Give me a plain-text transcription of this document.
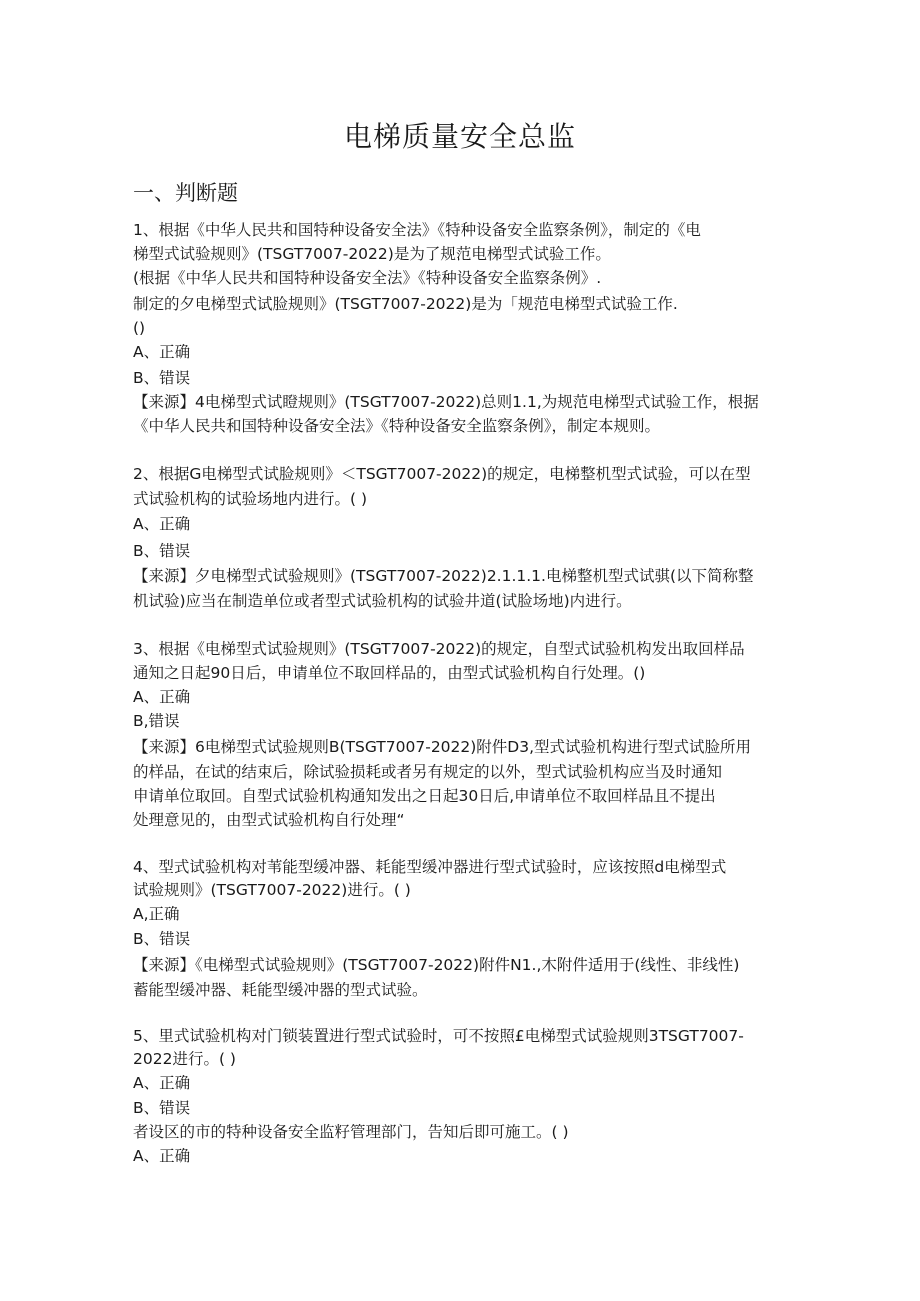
电梯质量安全总监
一、判断题
1、根据《中华人民共和国特种设备安全法》《特种设备安全监察条例》，制定的《电
梯型式试验规则》(TSGT7007-2022)是为了规范电梯型式试验工作。
(根据《中华人民共和国特种设备安全法》《特种设备安全监察条例》.
制定的夕电梯型式试脸规则》(TSGT7007-2022)是为「规范电梯型式试验工作.
()
A、正确
B、错误
【来源】4电梯型式试瞪规则》(TSGT7007-2022)总则1.1,为规范电梯型式试验工作，根据
《中华人民共和国特种设备安全法》《特种设备安全监察条例》，制定本规则。
2、根据G电梯型式试脸规则》＜TSGT7007-2022)的规定，电梯整机型式试验，可以在型
式试验机构的试验场地内进行。( )
A、正确
B、错误
【来源】夕电梯型式试验规则》(TSGT7007-2022)2.1.1.1.电梯整机型式试骐(以下简称整
机试验)应当在制造单位或者型式试验机构的试验井道(试脸场地)内进行。
3、根据《电梯型式试验规则》(TSGT7007-2022)的规定，自型式试验机构发出取回样品
通知之日起90日后，申请单位不取回样品的，由型式试验机构自行处理。()
A、正确
B,错误
【来源】6电梯型式试验规则B(TSGT7007-2022)附件D3,型式试验机构进行型式试脸所用
的样品，在试的结束后，除试验损耗或者另有规定的以外，型式试验机构应当及时通知
申请单位取回。自型式试验机构通知发出之日起30日后,申请单位不取回样品且不提出
处理意见的，由型式试验机构自行处理“
4、型式试验机构对苇能型缓冲器、耗能型缓冲器进行型式试验时，应该按照d电梯型式
试验规则》(TSGT7007-2022)进行。( )
A,正确
B、错误
【来源】《电梯型式试验规则》(TSGT7007-2022)附件N1.,木附件适用于(线性、非线性)
蓄能型缓冲器、耗能型缓冲器的型式试验。
5、里式试验机构对门锁装置进行型式试验时，可不按照£电梯型式试验规则3TSGT7007-
2022进行。( )
A、正确
B、错误
者设区的市的特种设备安全监籽管理部门，告知后即可施工。( )
A、正确
